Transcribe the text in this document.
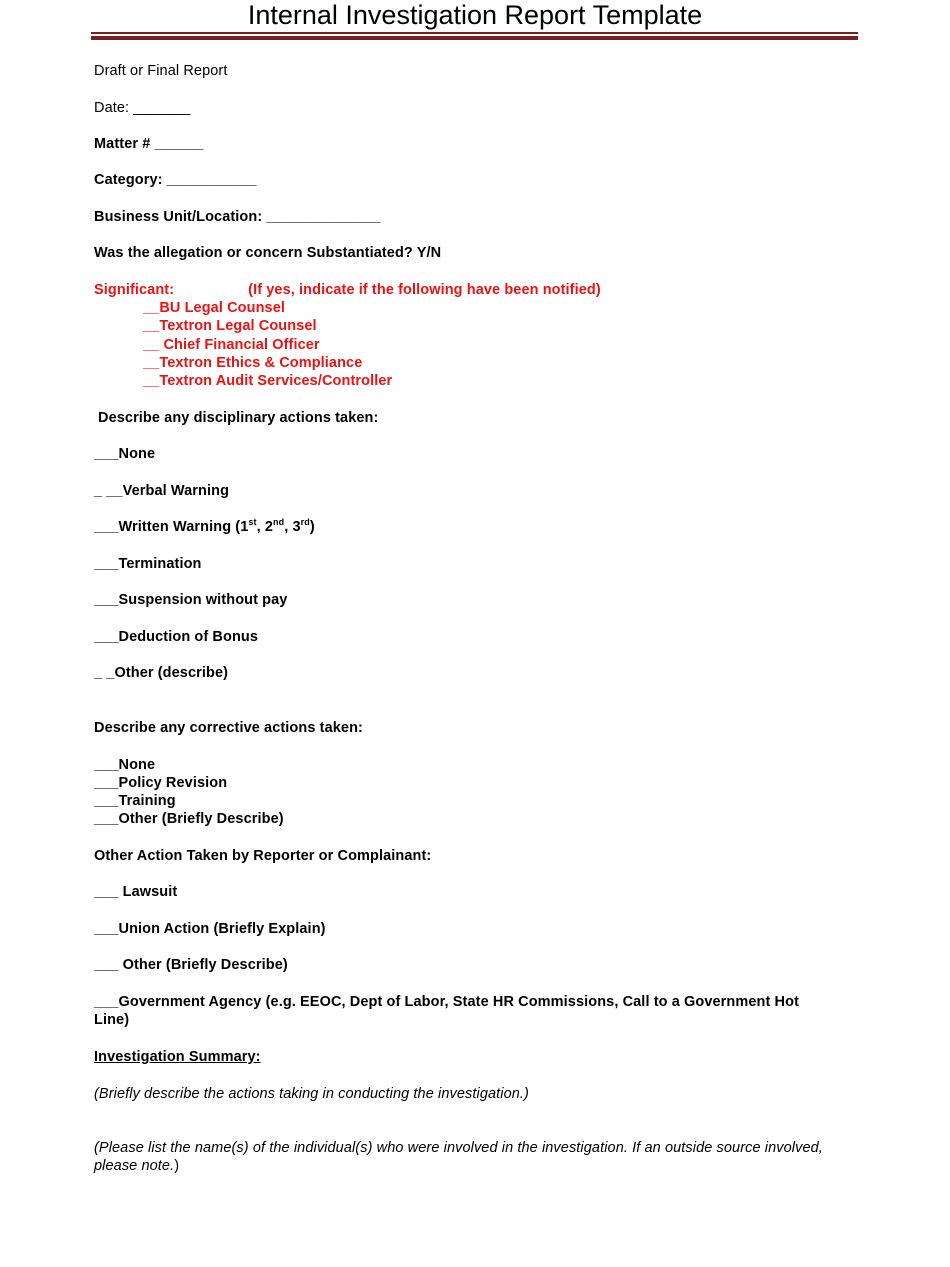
Internal Investigation Report Template
Draft or Final Report
Date: _______
Matter # ______
Category: ___________
Business Unit/Location: ______________
Was the allegation or concern Substantiated? Y/N
Significant:	(If yes, indicate if the following have been notified)
__BU Legal Counsel
__Textron Legal Counsel
__ Chief Financial Officer
__Textron Ethics & Compliance
__Textron Audit Services/Controller
Describe any disciplinary actions taken:
___None
_ __Verbal Warning
___Written Warning (1st, 2nd, 3rd)
___Termination
___Suspension without pay
___Deduction of Bonus
_ _Other (describe)
Describe any corrective actions taken:
___None
___Policy Revision
___Training
___Other (Briefly Describe)
Other Action Taken by Reporter or Complainant:
___ Lawsuit
___Union Action (Briefly Explain)
___ Other (Briefly Describe)
___Government Agency (e.g. EEOC, Dept of Labor, State HR Commissions, Call to a Government Hot Line)
Investigation Summary:
(Briefly describe the actions taking in conducting the investigation.)
(Please list the name(s) of the individual(s) who were involved in the investigation. If an outside source involved, please note.)
